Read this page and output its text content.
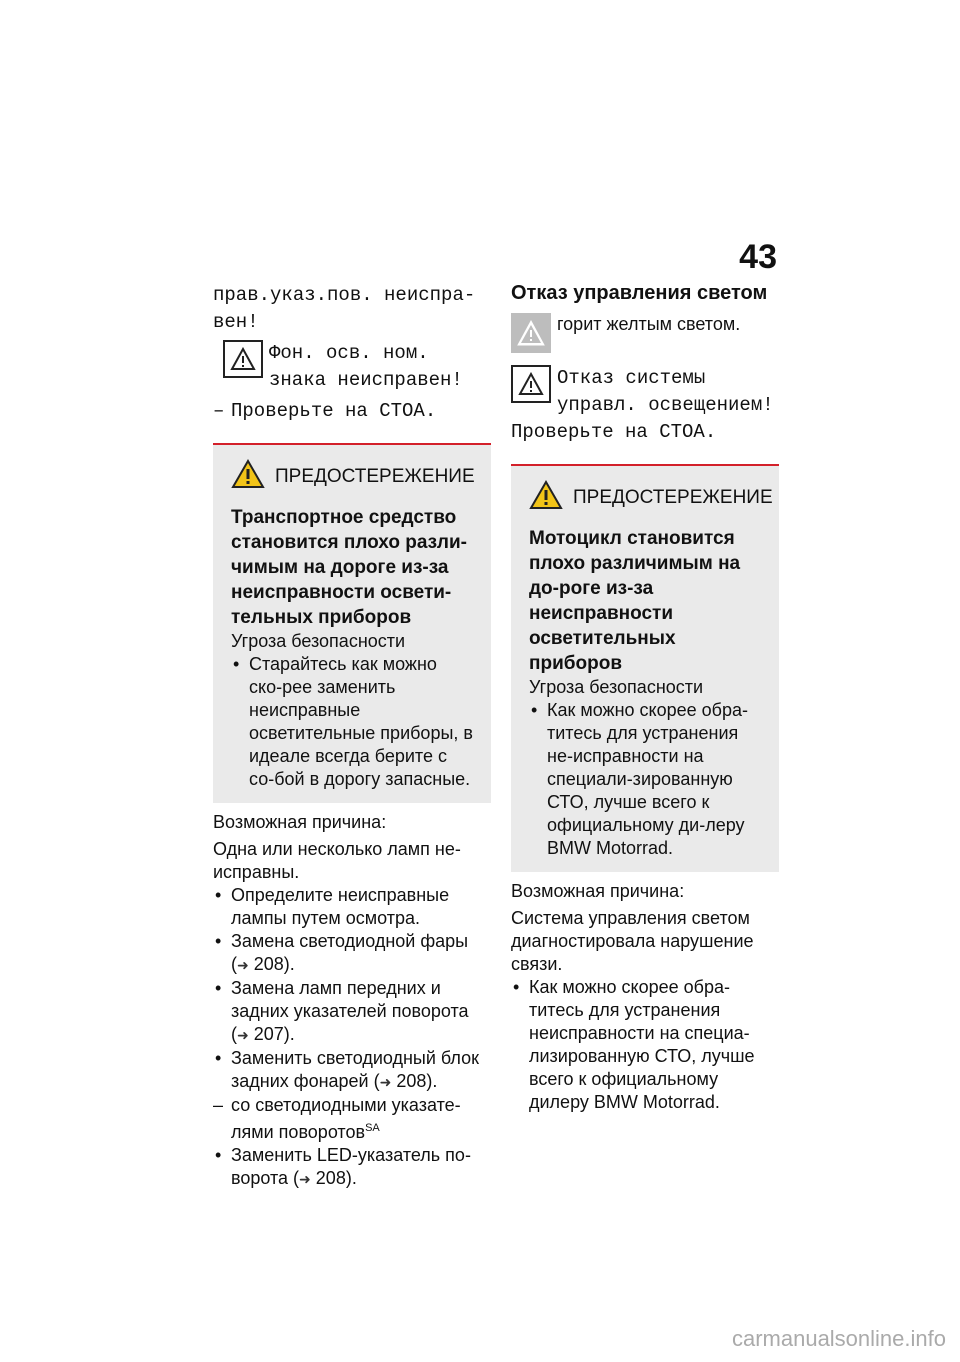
43
прав.указ.пов. неиспра-
вен!
Фон. осв. ном.
знака неисправен!
– Проверьте на СТОА.
ПРЕДОСТЕРЕЖЕНИЕ
Транспортное средство становится плохо разли-чимым на дороге из-за неисправности освети-тельных приборов
Угроза безопасности
• Старайтесь как можно ско-рее заменить неисправные осветительные приборы, в идеале всегда берите с со-бой в дорогу запасные.
Возможная причина:
Одна или несколько ламп не-исправны.
• Определите неисправные лампы путем осмотра.
• Замена светодиодной фары
(➜ 208).
• Замена ламп передних и задних указателей поворота
(➜ 207).
• Заменить светодиодный блок задних фонарей (➜ 208).
– со светодиодными указате-лями поворотов$^{SA}$
• Заменить LED-указатель по-ворота (➜ 208).
Отказ управления светом
горит желтым светом.
Отказ системы
управл. освещением!
Проверьте на СТОА.
ПРЕДОСТЕРЕЖЕНИЕ
Мотоцикл становится плохо различимым на до-роге из-за неисправности осветительных приборов
Угроза безопасности
• Как можно скорее обра-титесь для устранения не-исправности на специали-зированную СТО, лучше всего к официальному ди-леру BMW Motorrad.
Возможная причина:
Система управления светом диагностировала нарушение связи.
• Как можно скорее обра-титесь для устранения неисправности на специа-лизированную СТО, лучше всего к официальному дилеру BMW Motorrad.
carmanualsonline.info
